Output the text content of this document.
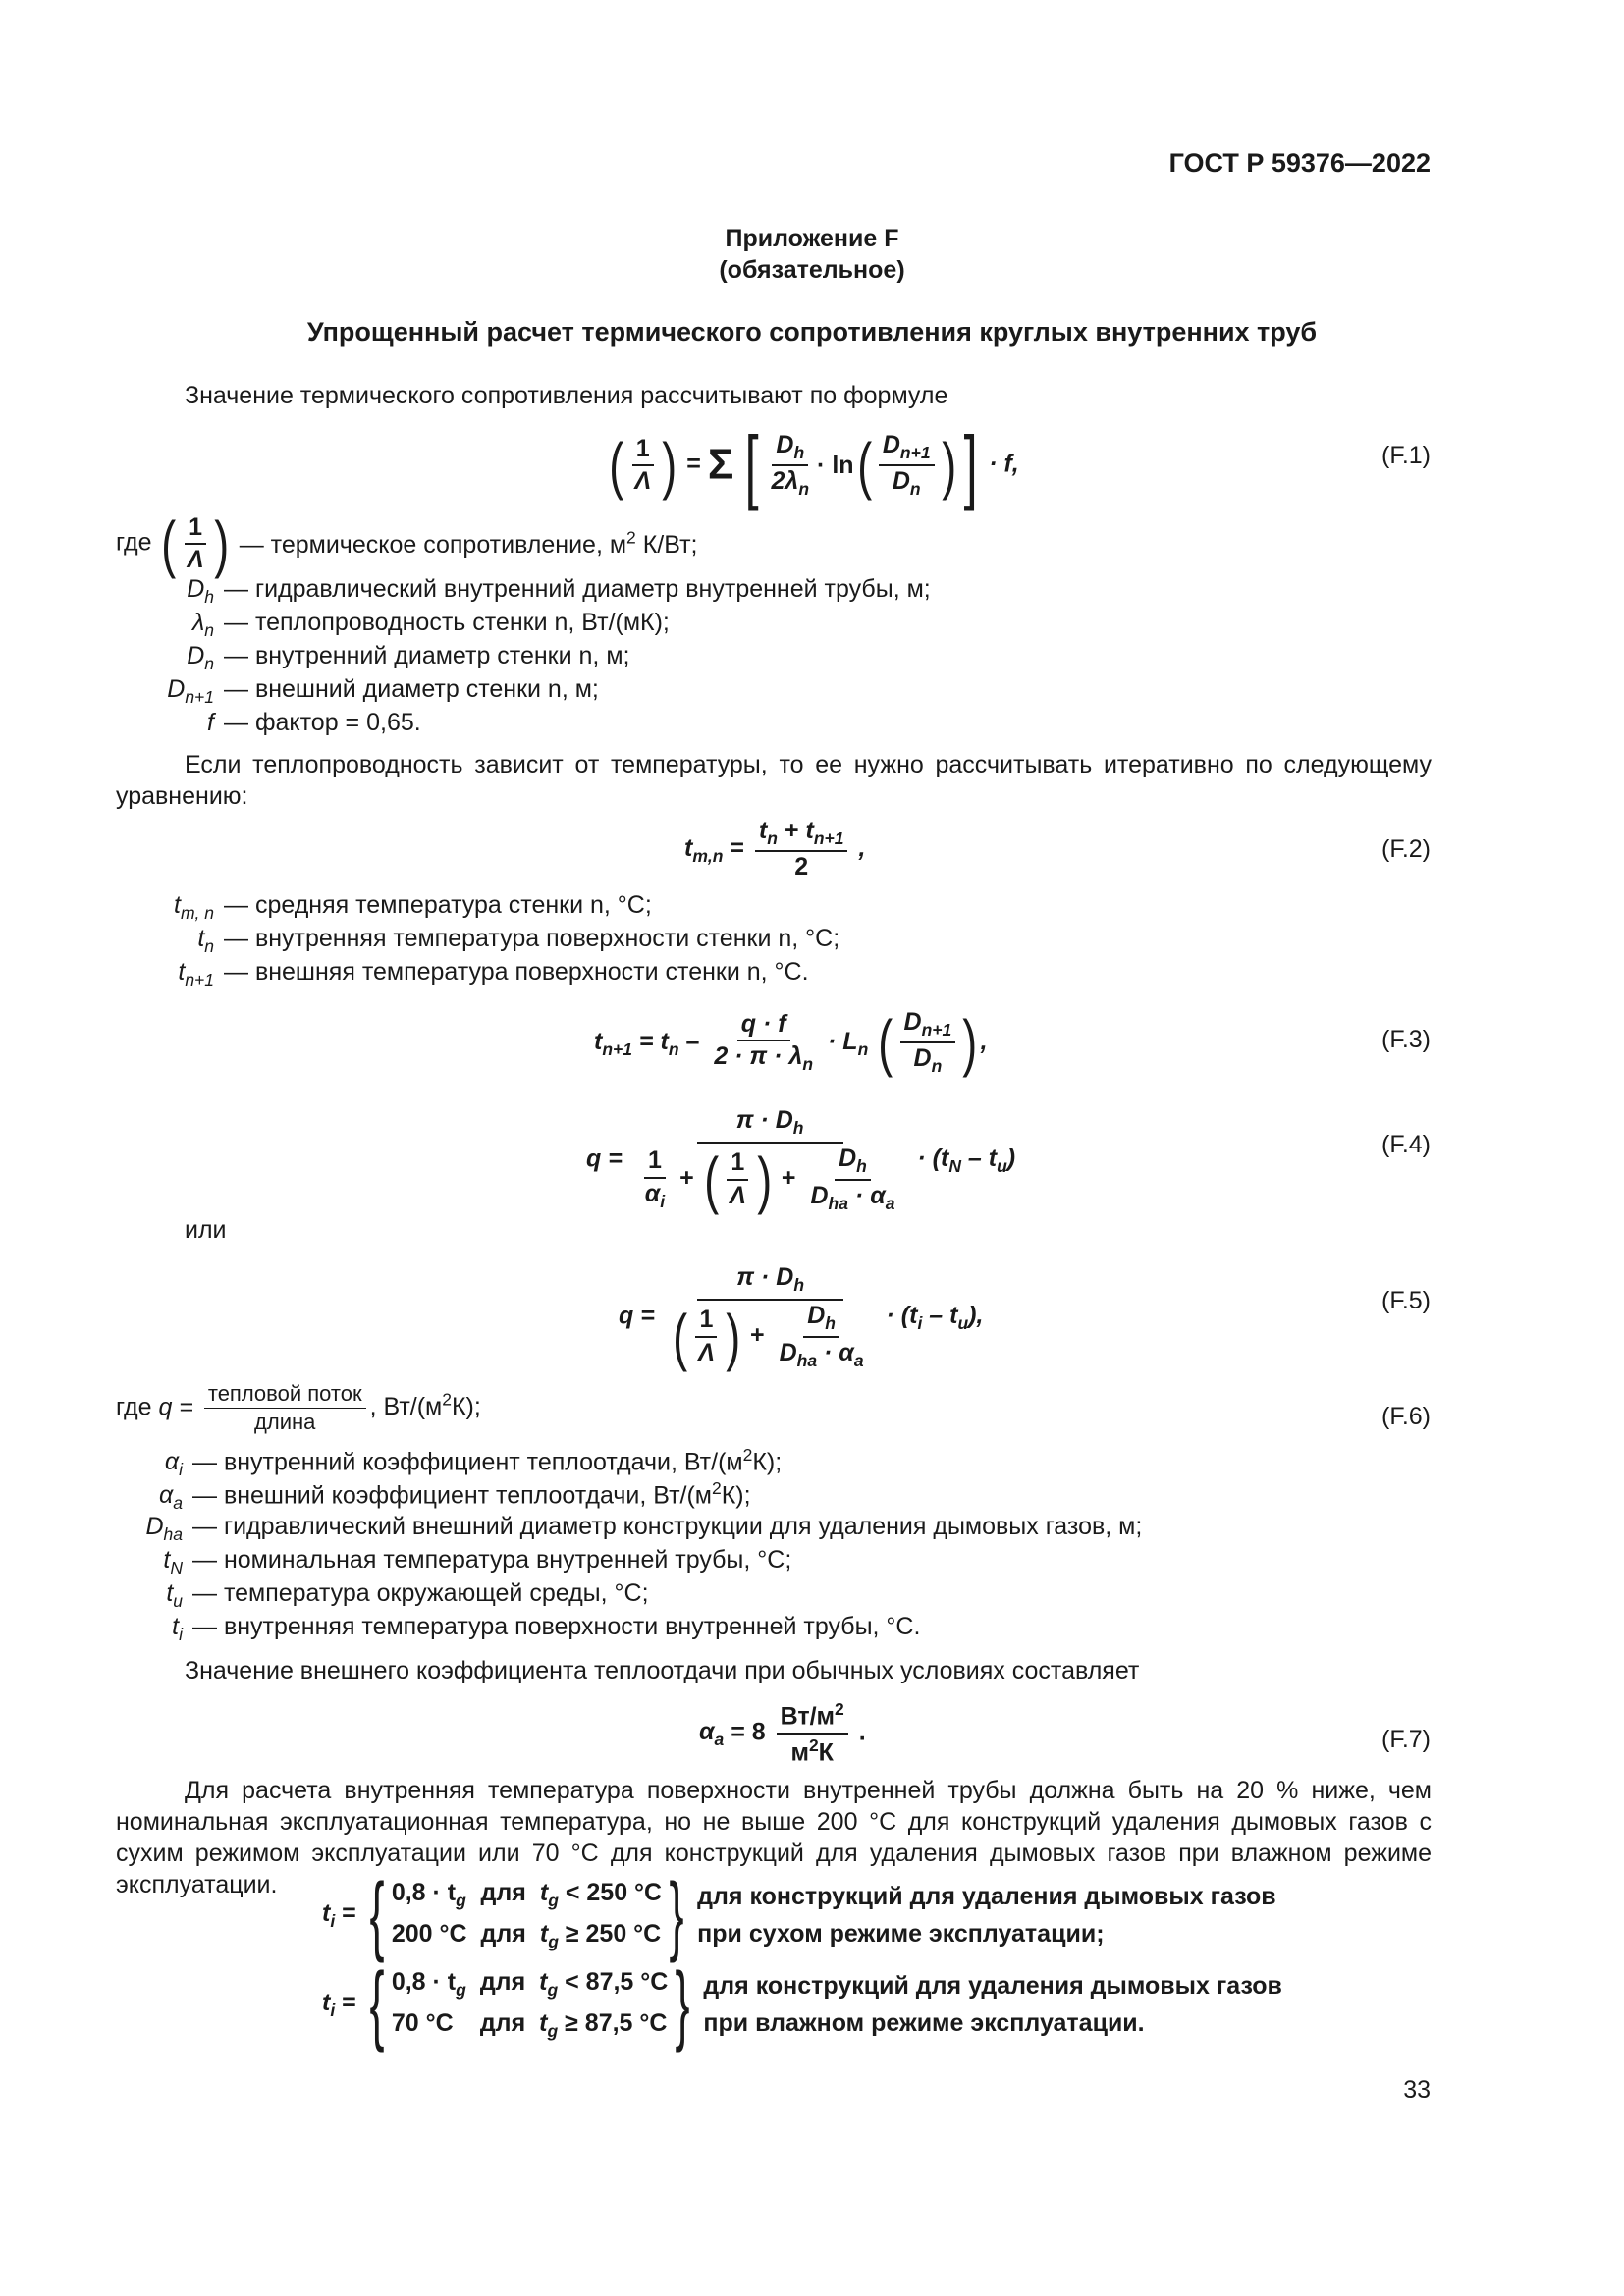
ГОСТ Р 59376—2022
Приложение F
(обязательное)
Упрощенный расчет термического сопротивления круглых внутренних труб
Значение термического сопротивления рассчитывают по формуле
( $\frac{1}{\Lambda}$ ) = Σ [ $\frac{D_h}{2\lambda_n} \cdot \ln$ ( $\frac{D_{n+1}}{D_n}$ ) ] · f,	(F.1)
где ( $\frac{1}{\Lambda}$ ) — термическое сопротивление, $м^2$ К/Вт;
$D_h$ — гидравлический внутренний диаметр внутренней трубы, м;
$\lambda_n$ — теплопроводность стенки n, Вт/(мК);
$D_n$ — внутренний диаметр стенки n, м;
$D_{n+1}$ — внешний диаметр стенки n, м;
f — фактор = 0,65.
Если теплопроводность зависит от температуры, то ее нужно рассчитывать итеративно по следующему уравнению:
$t_{m,n} = \frac{t_n + t_{n+1}}{2}$ ,	(F.2)
$t_{m, n}$ — средняя температура стенки n, °С;
$t_n$ — внутренняя температура поверхности стенки n, °С;
$t_{n+1}$ — внешняя температура поверхности стенки n, °С.
$t_{n+1} = t_n - \frac{q \cdot f}{2 \cdot \pi \cdot \lambda_n} \cdot L_n$ ( $\frac{D_{n+1}}{D_n}$ ) ,	(F.3)
$q = \frac{\pi \cdot D_h}{\frac{1}{\alpha_i} + ( \frac{1}{\Lambda} ) + \frac{D_h}{D_{ha} \cdot \alpha_a}} \cdot (t_N - t_u)$
(F.4)
или
$q = \frac{\pi \cdot D_h}{( \frac{1}{\Lambda} ) + \frac{D_h}{D_{ha} \cdot \alpha_a}} \cdot (t_i - t_u)$,
(F.5)
где $q = \frac{\text{тепловой поток}}{\text{длина}}$ , $Вт/(м^2К)$;	(F.6)
$\alpha_i$ — внутренний коэффициент теплоотдачи, $Вт/(м^2К)$;
$\alpha_a$ — внешний коэффициент теплоотдачи, $Вт/(м^2К)$;
$D_{ha}$ — гидравлический внешний диаметр конструкции для удаления дымовых газов, м;
$t_N$ — номинальная температура внутренней трубы, °С;
$t_u$ — температура окружающей среды, °С;
$t_i$ — внутренняя температура поверхности внутренней трубы, °С.
Значение внешнего коэффициента теплоотдачи при обычных условиях составляет
$\alpha_a = 8 \frac{Вт/м^2}{м^2К}$ .	(F.7)
Для расчета внутренняя температура поверхности внутренней трубы должна быть на 20 % ниже, чем номинальная эксплуатационная температура, но не выше 200 °С для конструкций удаления дымовых газов с сухим режимом эксплуатации или 70 °С для конструкций для удаления дымовых газов при влажном режиме эксплуатации.
$t_i$ = { $0,8 \cdot t_g$ для $t_g < 250$ °С
200 °С для $t_g \ge 250$ °С } для конструкций для удаления дымовых газов
при сухом режиме эксплуатации;
$t_i$ = { $0,8 \cdot t_g$ для $t_g < 87,5$ °С
70 °С	для $t_g \ge 87,5$ °С } для конструкций для удаления дымовых газов
при влажном режиме эксплуатации.
33
